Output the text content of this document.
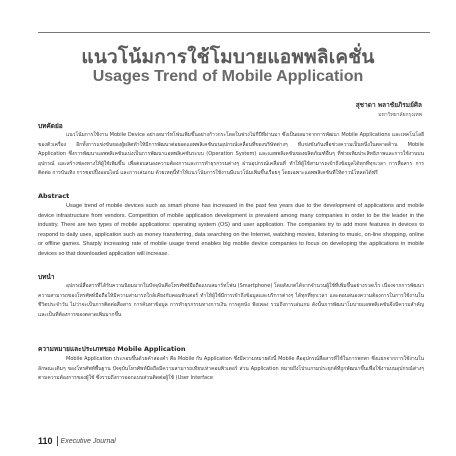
แนวโน้มการใช้โมบายแอพพลิเคชั่น
Usages Trend of Mobile Application
สุชาดา พลาชัยภิรมย์ศิล
มหาวิทยาลัยกรุงเทพ
บทคัดย่อ

แนวโน้มการใช้งาน Mobile Device อย่างสมาร์ทโฟนเพิ่มขึ้นอย่างก้าวกระโดดในช่วงไม่กี่ปีที่ผ่านมา ซึ่งเป็นผลมาจากการพัฒนา Mobile Applications และเทคโนโลยีของตัวเครื่อง อีกทั้งการแข่งขันของผู้ผลิตทำให้มีการพัฒนาต่อยอดแอพพลิเคชันบนอุปกรณ์เคลื่อนที่ของบริษัทต่างๆ ที่แข่งขันกันเพื่อช่วงความเป็นหนึ่งในตลาดด้าน Mobile Application ซึ่งการพัฒนาแอพพลิเคชันแบ่งเป็นการพัฒนาแอพพลิเคชันระบบ (Operation System) และแอพพลิเคชันของผลิตภัณฑ์อื่นๆ ที่ช่วยเพิ่มประสิทธิภาพและการใช้งานบนอุปกรณ์ และสร้างช่องทางให้ผู้ใช้เพิ่มขึ้น เพื่อตอบสนองความต้องการและการทำธุรกรรมต่างๆ ผ่านอุปกรณ์เคลื่อนที่ ทำให้ผู้ใช้สามารถเข้าถึงข้อมูลได้ทุกที่ทุกเวลา การสื่อสาร การติดต่อ การบันเทิง การชอปปิ้งออนไลน์ และการเล่นเกม ด้วยเหตุนี้ทำให้แนวโน้มการใช้งานมีแนวโน้มเพิ่มขึ้นเรื่อยๆ โดยเฉพาะแอพพลิเคชันที่ให้ดาวน์โหลดได้ฟรี

Abstract

Usage trend of mobile devices such as smart phone has increased in the past few years due to the development of applications and mobile device infrastructure from vendors. Competition of mobile application development is prevalent among many companies in order to be the leader in the industry. There are two types of mobile applications: operating system (OS) and user application. The companies try to add more features in devices to respond to daily uses, application such as money transferring, data searching on the Internet, watching movies, listening to music, on-line shopping, online or offline games. Sharply increasing rate of mobile usage trend enables big mobile device companies to focus on developing the applications in mobile devices so that downloaded application will increase.

บทนำ

อุปกรณ์สื่อสารที่ได้รับความนิยมมากในปัจจุบันคือโทรศัพท์มือถือแบบสมาร์ทโฟน (Smartphone) โดยสังเกตได้จากจำนวนผู้ใช้ที่เพิ่มขึ้นอย่างรวดเร็ว เนื่องจากการพัฒนาความสามารถของโทรศัพท์มือถือให้มีความสามารถใกล้เคียงกับคอมพิวเตอร์ ทำให้ผู้ใช้มีการเข้าถึงข้อมูลและบริการต่างๆ ได้ทุกที่ทุกเวลา และตอบสนองความต้องการในการใช้งานในชีวิตประจำวัน ไม่ว่าจะเป็นการติดต่อสื่อสาร การค้นหาข้อมูล การทำธุรกรรมทางการเงิน การดูหนัง ฟังเพลง รวมถึงการเล่นเกม ดังนั้นการพัฒนาโมบายแอพพลิเคชันจึงมีความสำคัญและเป็นที่ต้องการของตลาดเพิ่มมากขึ้น

ความหมายและประเภทของ Mobile Application

Mobile Application ประกอบขึ้นด้วยคำสองคำ คือ Mobile กับ Application ซึ่งมีความหมายดังนี้ Mobile คืออุปกรณ์สื่อสารที่ใช้ในการพกพา ซึ่งแยกจากการใช้งานในลักษณะเดิมๆ ของโทรศัพท์พื้นฐาน ปัจจุบันโทรศัพท์มือถือมีความสามารถเทียบเท่าคอมพิวเตอร์ ส่วน Application หมายถึงโปรแกรมประยุกต์ที่ถูกพัฒนาขึ้นเพื่อใช้งานบนอุปกรณ์ต่างๆ ตามความต้องการของผู้ใช้ ซึ่งรวมถึงการออกแบบส่วนติดต่อผู้ใช้ (User Interface

110	Executive Journal
